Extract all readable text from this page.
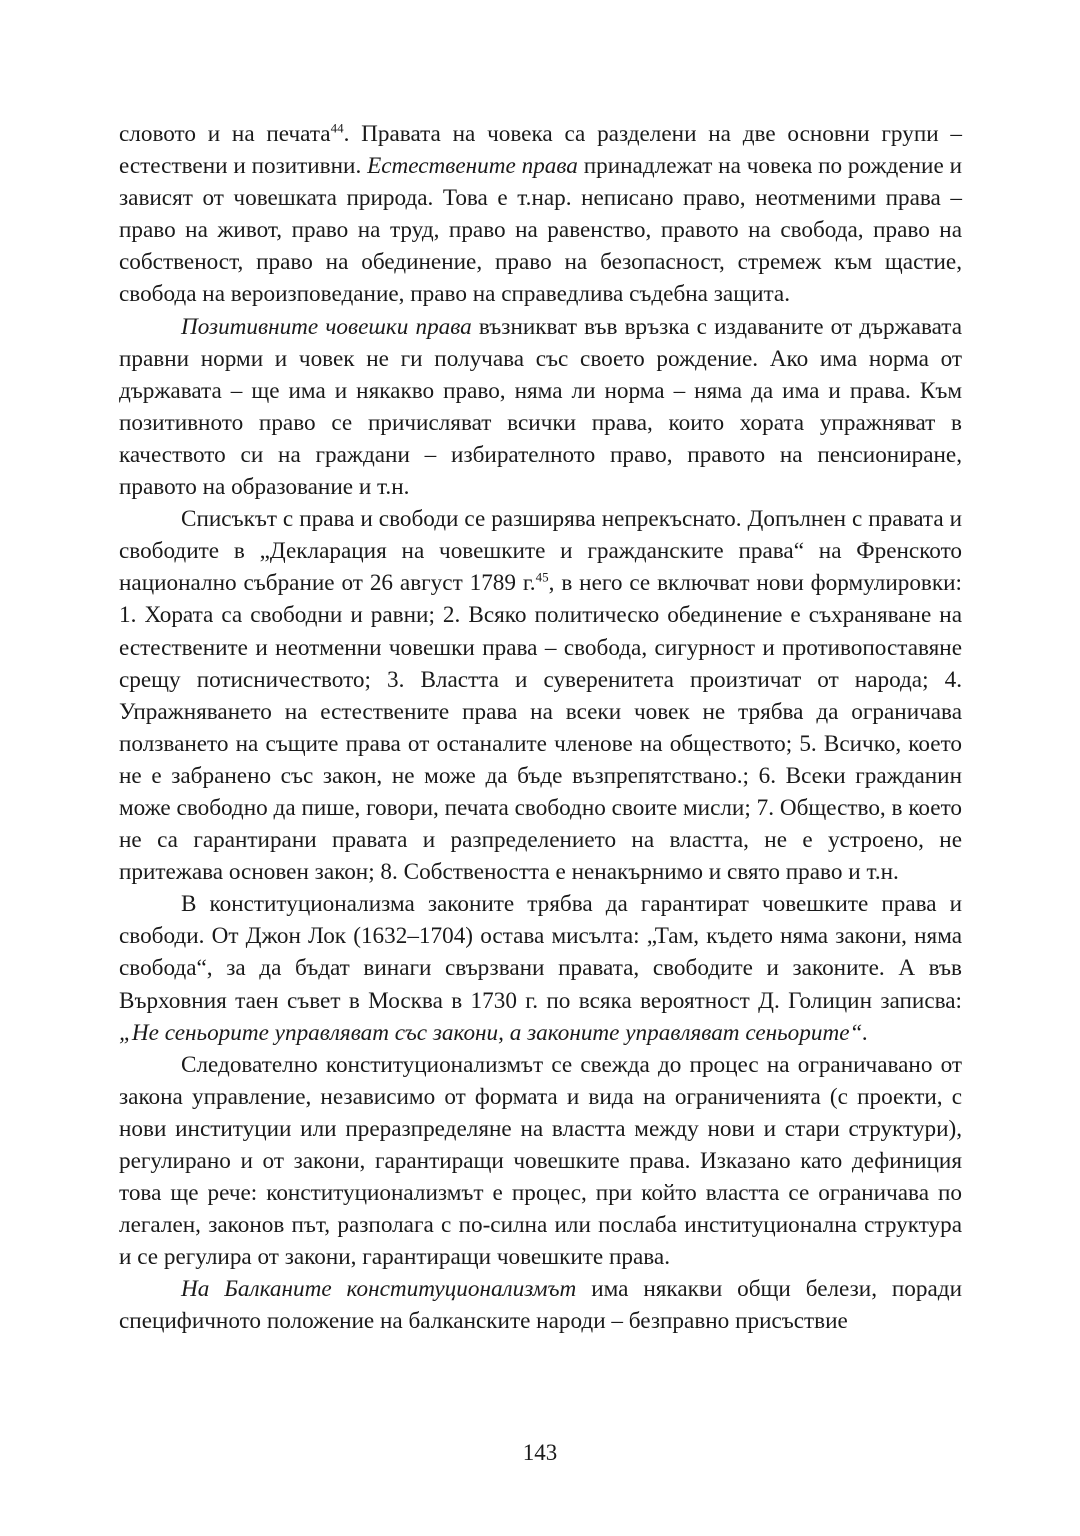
словото и на печата$^{44}$. Правата на човека са разделени на две основни групи – естествени и позитивни. Естествените права принадлежат на човека по рождение и зависят от човешката природа. Това е т.нар. неписано право, неотменими права – право на живот, право на труд, право на равенство, правото на свобода, право на собственост, право на обединение, право на безопасност, стремеж към щастие, свобода на вероизповедание, право на справедлива съдебна защита.

Позитивните човешки права възникват във връзка с издаваните от държавата правни норми и човек не ги получава със своето рождение. Ако има норма от държавата – ще има и някакво право, няма ли норма – няма да има и права. Към позитивното право се причисляват всички права, които хората упражняват в качеството си на граждани – избирателното право, правото на пенсиониране, правото на образование и т.н.

Списъкът с права и свободи се разширява непрекъснато. Допълнен с правата и свободите в „Декларация на човешките и гражданските права“ на Френското национално събрание от 26 август 1789 г.$^{45}$, в него се включват нови формулировки: 1. Хората са свободни и равни; 2. Всяко политическо обединение е съхраняване на естествените и неотменни човешки права – свобода, сигурност и противопоставяне срещу потисничеството; 3. Властта и суверенитета произтичат от народа; 4. Упражняването на естествените права на всеки човек не трябва да ограничава ползването на същите права от останалите членове на обществото; 5. Всичко, което не е забранено със закон, не може да бъде възпрепятствано.; 6. Всеки гражданин може свободно да пише, говори, печата свободно своите мисли; 7. Общество, в което не са гарантирани правата и разпределението на властта, не е устроено, не притежава основен закон; 8. Собствеността е ненакърнимо и свято право и т.н.

В конституционализма законите трябва да гарантират човешките права и свободи. От Джон Лок (1632–1704) остава мисълта: „Там, където няма закони, няма свобода“, за да бъдат винаги свързвани правата, свободите и законите. А във Върховния таен съвет в Москва в 1730 г. по всяка вероятност Д. Голицин записва: „Не сеньорите управляват със закони, а законите управляват сеньорите“.

Следователно конституционализмът се свежда до процес на ограничавано от закона управление, независимо от формата и вида на ограниченията (с проекти, с нови институции или преразпределяне на властта между нови и стари структури), регулирано и от закони, гарантиращи човешките права. Изказано като дефиниция това ще рече: конституционализмът е процес, при който властта се ограничава по легален, законов път, разполага с по-силна или послаба институционална структура и се регулира от закони, гарантиращи човешките права.

На Балканите конституционализмът има някакви общи белези, поради специфичното положение на балканските народи – безправно присъствие

143
